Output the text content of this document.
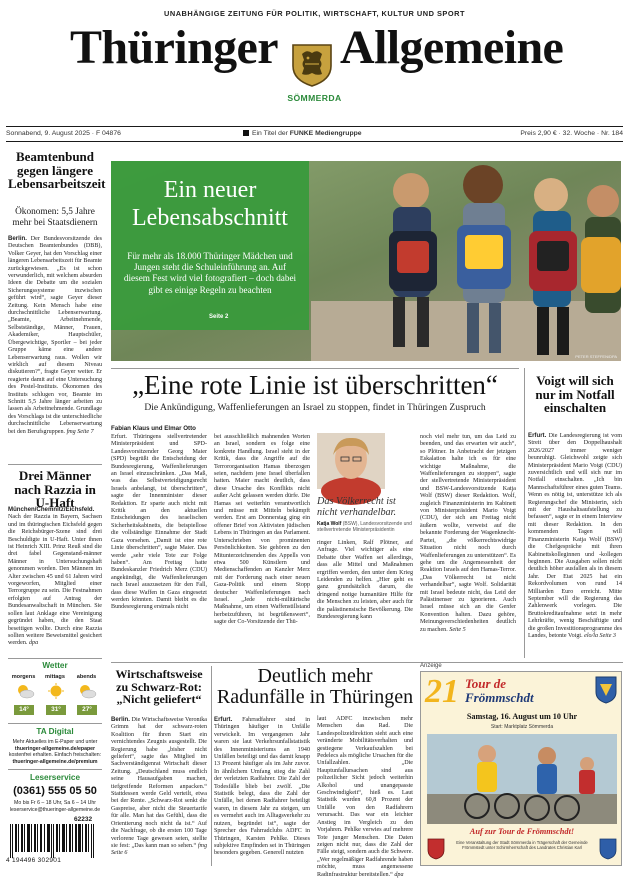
UNABHÄNGIGE ZEITUNG FÜR POLITIK, WIRTSCHAFT, KULTUR UND SPORT
Thüringer Allgemeine
SÖMMERDA
Sonnabend, 9. August 2025 · F 04876	Ein Titel der FUNKE Mediengruppe	Preis 2,90 € · 32. Woche · Nr. 184
Beamtenbund gegen längere Lebensarbeitszeit
Ökonomen: 5,5 Jahre mehr bei Staatsdienern
Berlin. Der Bundesvorsitzende des Deutschen Beamtenbundes (DBB), Volker Geyer, hat den Vorschlag einer längeren Lebensarbeitszeit für Beamte zurückgewiesen. „Es ist schon verwunderlich, mit welchem absurden Ideen die Debatte um die sozialen Sicherungssysteme inzwischen geführt wird“, sagte Geyer dieser Zeitung. Kein Mensch habe eine durchschnittliche Lebenserwartung. „Beamte, Arbeitnehmende, Selbstständige, Männer, Frauen, Akademiker, Hauptschüler, Übergewichtige, Sportler – bei jeder Gruppe käme eine andere Lebenserwartung raus. Wollen wir wirklich auf diesem Niveau diskutieren?“, fragte Geyer weiter. Er reagierte damit auf eine Untersuchung des Pestel-Instituts. Ökonomen des Instituts schlugen vor, Beamte im Schnitt 5,5 Jahre länger arbeiten zu lassen als Arbeitnehmende. Grundlage des Vorschlags ist die unterschiedliche durchschnittliche Lebenserwartung bei den Berufsgruppen. fmg Seite 7
Drei Männer nach Razzia in U-Haft
München/Chemnitz/Eichsfeld. Nach der Razzia in Bayern, Sachsen und im thüringischen Eichsfeld gegen die Reichsbürger-Szene sind drei Beschuldigte in U-Haft. Unter ihnen ist Heinrich XIII. Prinz Reuß sind die drei fabel Gegenstand-männer Männer in Untersuchungshaft genommen worden. Den Männern im Alter zwischen 45 und 61 Jahren wird vorgeworfen, Mitglied einer Terrorgruppe zu sein. Die Festnahmen erfolgten auf Antrag der Bundesanwaltschaft in München. Sie sollen laut Anklage eine Vereinigung gegründet haben, die den Staat beseitigen wollte. Durch eine Razzia sollten weitere Beweismittel gesichert werden. dpa
Wetter
morgens	mittags	abends
14°	31°	27°
TA Digital
Mehr Aktuelles im E-Paper und unter
thueringer-allgemeine.de/epaper
kostenfrei erhalten. Einfach freischalten:
thueringer-allgemeine.de/premium
Leserservice
(0361) 555 05 50
Mo bis Fr 6 – 18 Uhr, Sa 6 – 14 Uhr
leserservice@thueringer-allgemeine.de
62232
4 194496 302901
Ein neuer
Lebensabschnitt
Für mehr als 18.000 Thüringer Mädchen und Jungen steht die Schuleinführung an. Auf diesem Fest wird viel fotografiert – doch dabei gibt es einige Regeln zu beachten
Seite 2
PETER STEFFEN/DPA
„Eine rote Linie ist überschritten“
Die Ankündigung, Waffenlieferungen an Israel zu stoppen, findet in Thüringen Zuspruch
Fabian Klaus und Elmar Otto
Erfurt. Thüringens stellvertretender Ministerpräsident und SPD-Landesvorsitzender Georg Maier (SPD) begrüßt die Entscheidung der Bundesregierung, Waffenlieferungen an Israel einzuschränken. „Das Maß, was das Selbstverteidigungsrecht Israels anbelangt, ist überschritten“, sagte der Innenminister dieser Redaktion. Er sparte auch nicht mit Kritik an den aktuellen Entscheidungen des israelischen Sicherheitskabinetts, die beispiellose die vollständige Einnahme der Stadt Gaza vorsehen. „Damit ist eine rote Linie überschritten“, sagte Maier. Das werde „sehr viele Tote zur Folge haben“. Am Freitag hatte Bundeskanzler Friedrich Merz (CDU) angekündigt, die Waffenlieferungen nach Israel auszusetzen für den Fall, dass diese Waffen in Gaza eingesetzt werden könnten. Damit bleibt es die Bundesregierung erstmals nicht
bei ausschließlich mahnenden Worten an Israel, sondern es folge eine konkrete Handlung. Israel steht in der Kritik, dass die Angriffe auf die Terrororganisation Hamas überzogen seien, nachdem jene Israel überfallen hatten. Maier macht deutlich, dass diese Ursache des Konflikts nicht außer Acht gelassen werden dürfe. Die Hamas sei weiterhin verantwortlich und müsse mit Mitteln bekämpft werden. Erst am Donnerstag ging ein offener Brief von Aktivisten jüdischen Lebens in Thüringen an das Parlament. Unterschrieben von prominenten Persönlichkeiten. Sie gehören zu den Mitunterzeichnenden des Appells von etwa 500 Künstlern und Medienschaffenden an Kanzler Merz mit der Forderung nach einer neuen Gaza-Politik und einem Stopp deutscher Waffenlieferungen nach Israel. „Jede nicht-militärische Maßnahme, um einen Waffenstillstand herbeizuführen, ist begrüßenswert“, sagte der Co-Vorsitzende der Thü-
Das Völkerrecht ist nicht verhandelbar.
Katja Wolf (BSW), Landesvorsitzende und stellvertretende Ministerpräsidentin
ringer Linken, Ralf Plötner, auf Anfrage. Viel wichtiger als eine Debatte über Waffen sei allerdings, dass alle Mittel und Maßnahmen ergriffen werden, den unter dem Krieg Leidenden zu helfen. „Hier geht es ganz grundsätzlich darum, die dringend notige humanitäre Hilfe für die Menschen zu leisten, aber auch für die palästinensische Bevölkerung. Die Bundesregierung kann
noch viel mehr tun, um das Leid zu beenden, und das erwarten wir auch“, so Plötner. In Anbetracht der jetzigen Eskalation halte ich es für eine wichtige Maßnahme, die Waffenlieferungen zu stoppen“, sagte der stellvertretende Ministerpräsident und BSW-Landesvorsitzende Katja Wolf (BSW) dieser Redaktion. Wolf, zugleich Finanzministerin im Kabinett von Ministerpräsident Mario Voigt (CDU), der sich am Freitag nicht äußern wollte, verweist auf die bekannte Forderung der Wagenknecht-Partei, „die völkerrechtswidrige Situation nicht noch durch Waffenlieferungen zu unterstützen“. Es gehe um die Angemessenheit der Reaktion Israels auf den Hamas-Terror. „Das Völkerrecht ist nicht verhandelbar“, sagte Wolf. Solidarität mit Israel bedeute nicht, das Leid der Palästinenser zu ignorieren. Auch Israel müsse sich an die Genfer Konvention halten. Dazu gehöre, Meinungsverschiedenheiten deutlich zu machen. Seite 5
Voigt will sich nur im Notfall einschalten
Erfurt. Die Landesregierung ist vom Streit über den Doppelhaushalt 2026/2027 immer weniger beunruhigt. Gleichwohl zeigte sich Ministerpräsident Mario Voigt (CDU) zuversichtlich und will sich nur im Notfall einschalten. „Ich bin Mannschaftsführer eines guten Teams. Wenn es nötig ist, unterstütze ich als Regierungschef die Ministerin, sich mit der Haushaltsaufstellung zu befassen“, sagte er in einem Interview mit dieser Redaktion. In den kommenden Tagen will Finanzministerin Katja Wolf (BSW) die Chefgespräche mit ihren Kabinettskolleginnen und -kollegen beginnen. Die Ausgaben sollen nicht deutlich höher ausfallen als in diesem Jahr. Der Etat 2025 hat ein Rekordvolumen von rund 14 Milliarden Euro erreicht. Mitte September will die Regierung das Zahlenwerk vorlegen. Die Bruttokreditaufnahme setzt in mehr Lehrkräfte, wenig Beschäftigte und die großen Investitionsprogramme des Landes, betonte Voigt. elo/la Seite 3
Wirtschaftsweise zu Schwarz-Rot: „Nicht geliefert“
Berlin. Die Wirtschaftsweise Veronika Grimm hat der schwarz-roten Koalition für ihren Start ein vernichtendes Zeugnis ausgestellt. Die Regierung habe „bisher nicht geliefert“, sagte das Mitglied im Sachverständigenrat Wirtschaft dieser Zeitung. „Deutschland muss endlich seine Hausaufgaben machen, tiefgreifende Reformen anpacken.“ Stattdessen werde Geld verteilt, etwa bei der Rente. „Schwarz-Rot senkt die Gaspreise, aber nicht die Steuertarife für alle. Man hat das Gefühl, dass die Orientierung noch nicht da ist.“ Auf die Nachfrage, ob die ersten 100 Tage verlorene Tage gewesen seien, stellte sie fest: „Das kann man so sehen.“ fmg Seite 6
Deutlich mehr Radunfälle in Thüringen
Erfurt. Fahrradfahrer sind in Thüringen häufiger in Unfälle verwickelt. Im vergangenen Jahr waren sie laut Verkehrsunfallstatistik des Innenministeriums an 1940 Unfällen beteiligt und das damit knapp 13 Prozent häufiger als im Jahr zuvor. In ähnlichem Umfang stieg die Zahl der verletzten Radfahrer. Die Zahl der Todesfälle blieb bei zwölf. „Die Statistik belegt, dass die Zahl der Unfälle, bei denen Radfahrer beteiligt waren, in diesem Jahr zu steigen, um es vermehrt auch im Alltagsverkehr zu nutzen, begründet ist“, sagte der Sprecher des Fahrradclubs ADFC in Thüringen, Karsten Pehlke. Dieses subjektive Empfinden sei in Thüringen besonders gegeben. Generell nutzten
laut ADFC inzwischen mehr Menschen das Rad. Die Landespolizeidirektion sieht auch eine veränderte Mobilitätsverhalten und gestiegene Verkaufszahlen bei Pedelecs als mögliche Ursachen für die Unfallzahlen. „Die Hauptunfallursachen sind aus polizeilicher Sicht jedoch weiterhin Alkohol und unangepasste Geschwindigkeit“, hieß es. Laut Statistik wurden 60,8 Prozent der Unfälle von den Radfahrern verursacht. Das war ein leichter Anstieg im Vergleich zu den Vorjahren. Pehlke verwies auf mehrere Tote junger Menschen. Die Daten zeigen nicht nur, dass die Zahl der Fälle steigt, sondern auch die Schwere. „Wer regelmäßiger Radfahrende haben möchte, muss angemessene Radinfrastruktur bereitstellen.“ dpa
Anzeige
21 Tour de
Frömmschdt
Samstag, 16. August um 10 Uhr
Start: Marktplatz Sömmerda
Auf zur Tour de Frömmschdt!
Eine Veranstaltung der Stadt Sömmerda in Trägerschaft der Gemeinde Frömmstedt unter Schirmherrschaft des Landrates Christian Karl
